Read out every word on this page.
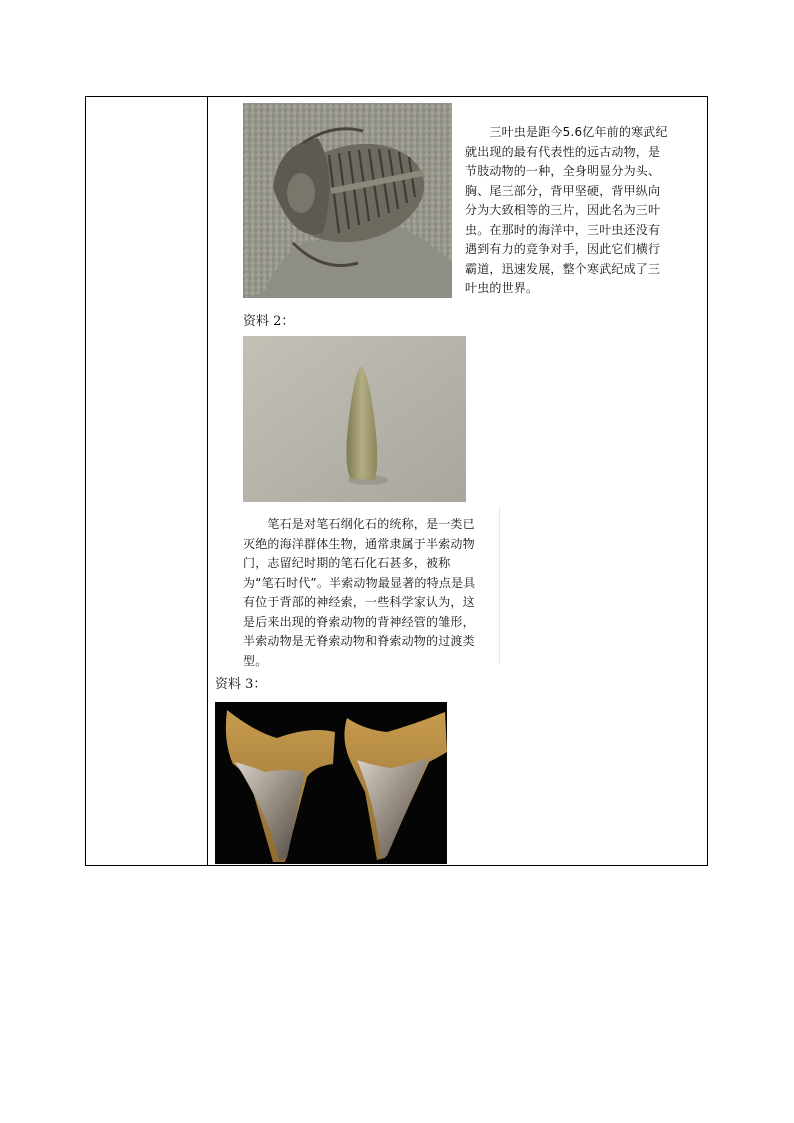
　　三叶虫是距今5.6亿年前的寒武纪就出现的最有代表性的远古动物，是节肢动物的一种，全身明显分为头、胸、尾三部分，背甲坚硬，背甲纵向分为大致相等的三片，因此名为三叶虫。在那时的海洋中，三叶虫还没有遇到有力的竞争对手，因此它们横行霸道，迅速发展，整个寒武纪成了三叶虫的世界。
资料 2：
　　笔石是对笔石纲化石的统称，是一类已灭绝的海洋群体生物，通常隶属于半索动物门，志留纪时期的笔石化石甚多，被称为“笔石时代”。半索动物最显著的特点是具有位于背部的神经索，一些科学家认为，这是后来出现的脊索动物的背神经管的雏形，半索动物是无脊索动物和脊索动物的过渡类型。
资料 3：
